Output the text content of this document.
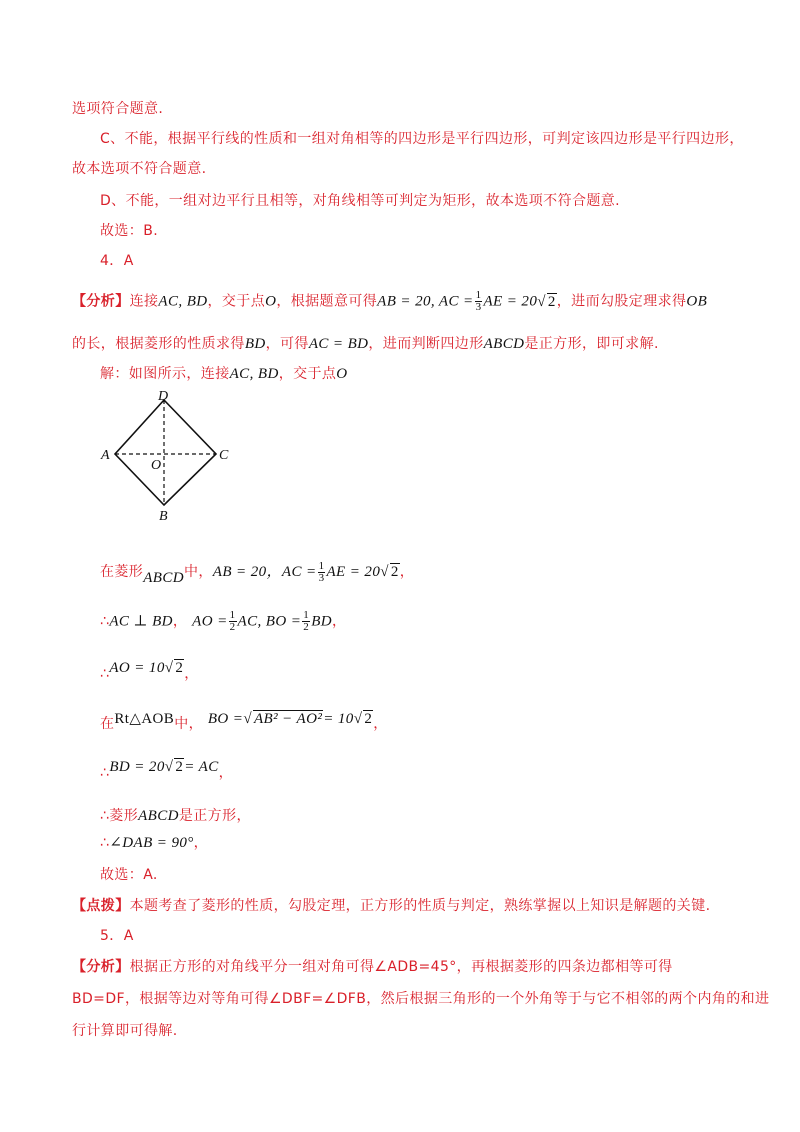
选项符合题意.
C、不能，根据平行线的性质和一组对角相等的四边形是平行四边形，可判定该四边形是平行四边形，
故本选项不符合题意.
D、不能，一组对边平行且相等，对角线相等可判定为矩形，故本选项不符合题意.
故选：B.
4．A
【分析】连接AC, BD，交于点O，根据题意可得AB = 20, AC = $\frac{1}{3}$ AE = 20√ 2，进而勾股定理求得OB
的长，根据菱形的性质求得BD，可得AC = BD，进而判断四边形ABCD是正方形，即可求解.
解：如图所示，连接AC, BD，交于点O
D
A	C
O
B
在菱形ABCD中，AB = 20，AC = $\frac{1}{3}$ AE = 20√ 2，
∴AC ⊥ BD， AO = $\frac{1}{2}$ AC, BO = $\frac{1}{2}$ BD，
∴AO = 10√ 2，
在Rt△AOB中， BO =√ AB² − AO²= 10√ 2，
∴BD = 20√ 2= AC，
∴菱形ABCD是正方形，
∴∠DAB = 90°，
故选：A.
【点拨】本题考查了菱形的性质，勾股定理，正方形的性质与判定，熟练掌握以上知识是解题的关键.
5．A
【分析】根据正方形的对角线平分一组对角可得∠ADB=45°，再根据菱形的四条边都相等可得
BD=DF，根据等边对等角可得∠DBF=∠DFB，然后根据三角形的一个外角等于与它不相邻的两个内角的和进
行计算即可得解.
